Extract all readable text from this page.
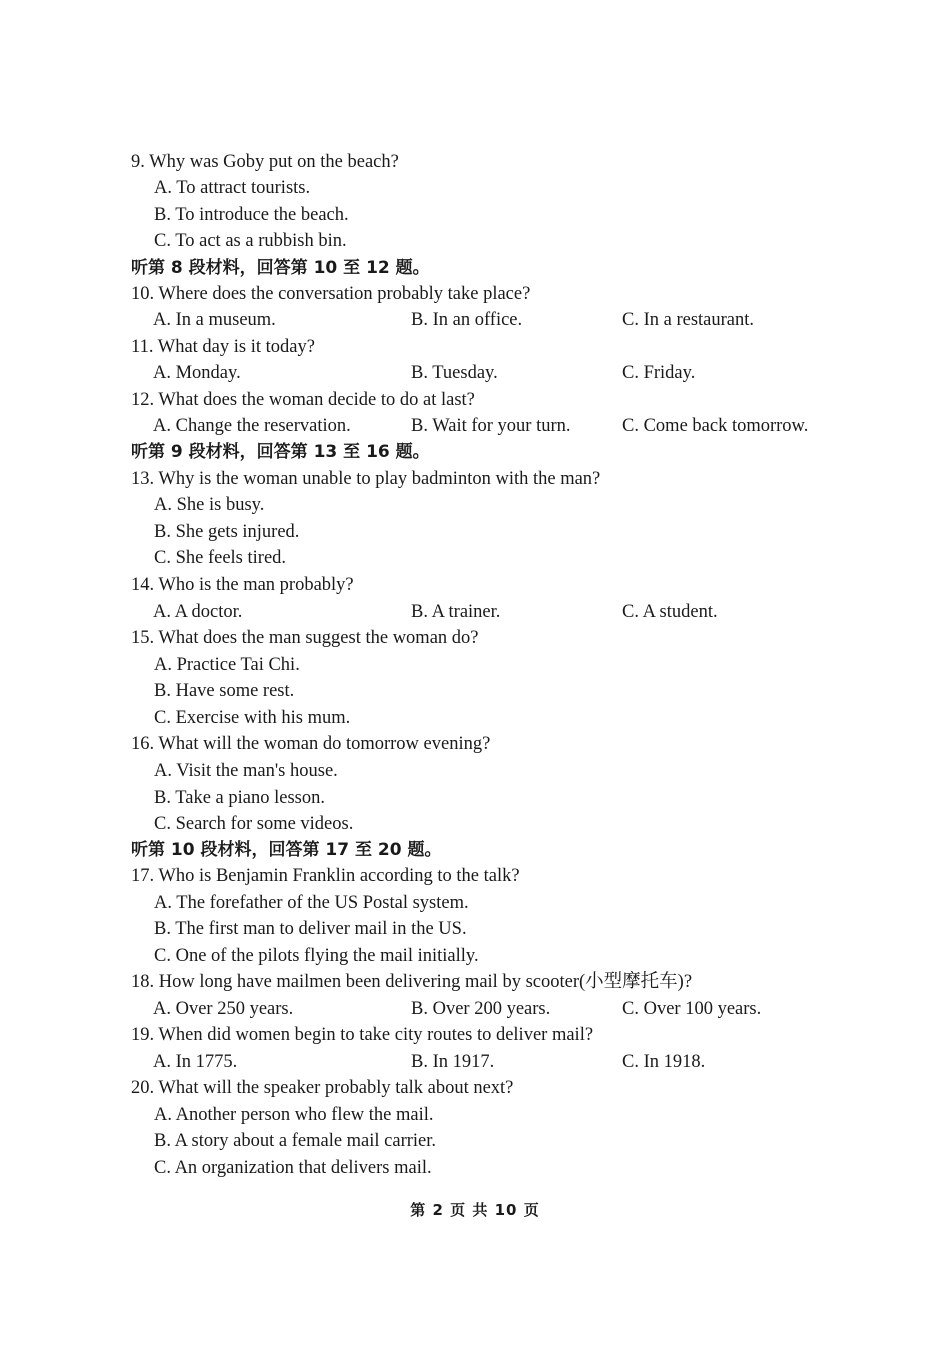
9. Why was Goby put on the beach?
A. To attract tourists.
B. To introduce the beach.
C. To act as a rubbish bin.
听第 8 段材料，回答第 10 至 12 题。
10. Where does the conversation probably take place?
A. In a museum.	B. In an office.	C. In a restaurant.
11. What day is it today?
A. Monday.	B. Tuesday.	C. Friday.
12. What does the woman decide to do at last?
A. Change the reservation.	B. Wait for your turn.	C. Come back tomorrow.
听第 9 段材料，回答第 13 至 16 题。
13. Why is the woman unable to play badminton with the man?
A. She is busy.
B. She gets injured.
C. She feels tired.
14. Who is the man probably?
A. A doctor.	B. A trainer.	C. A student.
15. What does the man suggest the woman do?
A. Practice Tai Chi.
B. Have some rest.
C. Exercise with his mum.
16. What will the woman do tomorrow evening?
A. Visit the man's house.
B. Take a piano lesson.
C. Search for some videos.
听第 10 段材料，回答第 17 至 20 题。
17. Who is Benjamin Franklin according to the talk?
A. The forefather of the US Postal system.
B. The first man to deliver mail in the US.
C. One of the pilots flying the mail initially.
18. How long have mailmen been delivering mail by scooter(小型摩托车)?
A. Over 250 years.	B. Over 200 years.	C. Over 100 years.
19. When did women begin to take city routes to deliver mail?
A. In 1775.	B. In 1917.	C. In 1918.
20. What will the speaker probably talk about next?
A. Another person who flew the mail.
B. A story about a female mail carrier.
C. An organization that delivers mail.
第 2 页 共 10 页
